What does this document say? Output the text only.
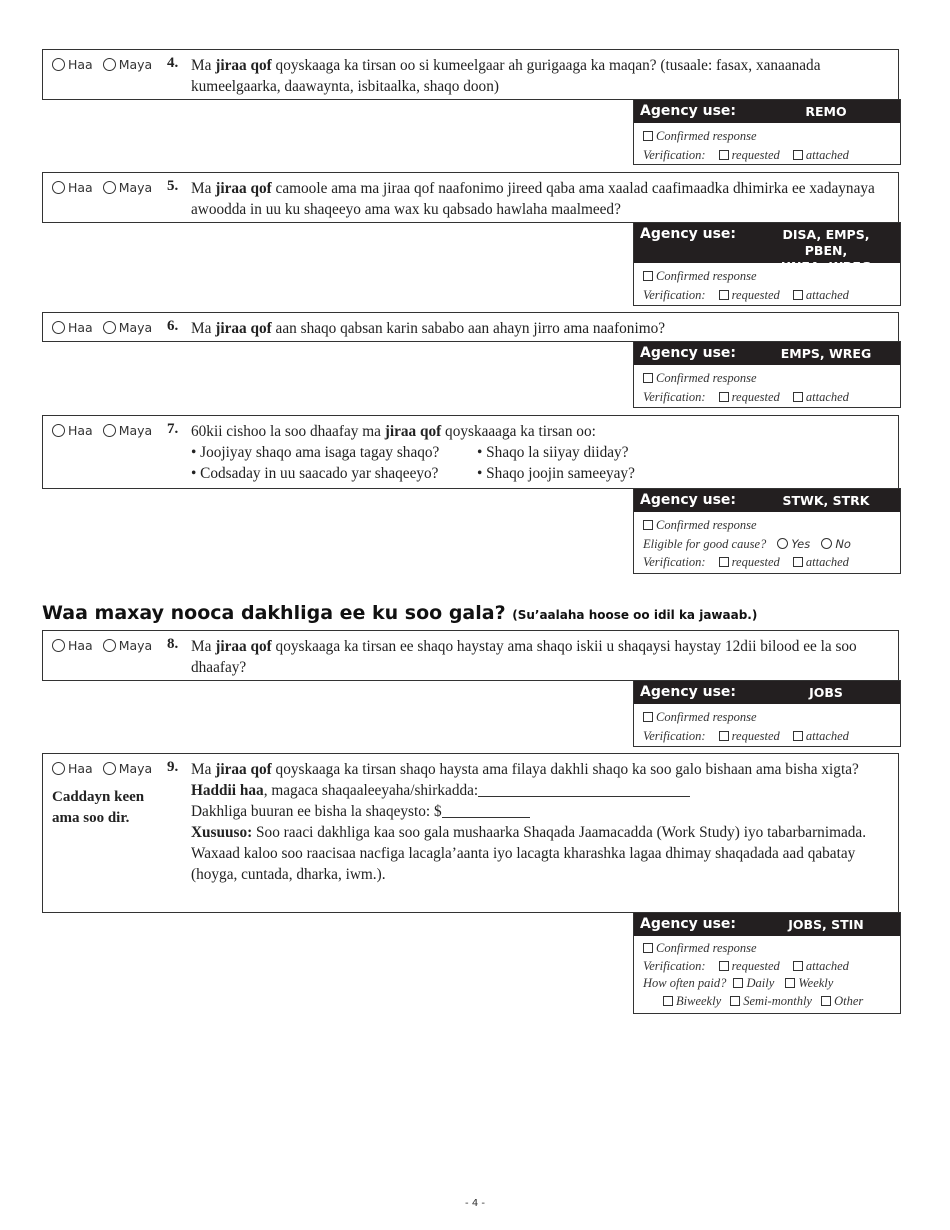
Haa Maya 4. Ma jiraa qof qoyskaaga ka tirsan oo si kumeelgaar ah gurigaaga ka maqan? (tusaale: fasax, xanaanada kumeelgaarka, daawaynta, isbitaalka, shaqo doon)
Agency use:	REMO
Confirmed response
Verification: requested attached
Haa Maya 5. Ma jiraa qof camoole ama ma jiraa qof naafonimo jireed qaba ama xaalad caafimaadka dhimirka ee xadaynaya awoodda in uu ku shaqeeyo ama wax ku qabsado hawlaha maalmeed?
Agency use:	DISA, EMPS, PBEN,
UNEA, WREG
Confirmed response
Verification: requested attached
Haa Maya 6. Ma jiraa qof aan shaqo qabsan karin sababo aan ahayn jirro ama naafonimo?
Agency use:	EMPS, WREG
Confirmed response
Verification: requested attached
Haa Maya 7. 60kii cishoo la soo dhaafay ma jiraa qof qoyskaaaga ka tirsan oo:
• Joojiyay shaqo ama isaga tagay shaqo? • Shaqo la siiyay diiday?
• Codsaday in uu saacado yar shaqeeyo?	• Shaqo joojin sameeyay?
Agency use:	STWK, STRK
Confirmed response
Eligible for good cause? Yes No
Verification: requested attached
Waa maxay nooca dakhliga ee ku soo gala? (Su’aalaha hoose oo idil ka jawaab.)
Haa Maya 8. Ma jiraa qof qoyskaaga ka tirsan ee shaqo haystay ama shaqo iskii u shaqaysi haystay 12dii bilood ee la soo dhaafay?
Agency use:	JOBS
Confirmed response
Verification: requested attached
Haa Maya
Caddayn keen
ama soo dir.
9. Ma jiraa qof qoyskaaga ka tirsan shaqo haysta ama filaya dakhli shaqo ka soo galo bishaan ama bisha xigta?
Haddii haa, magaca shaqaaleeyaha/shirkadda:
Dakhliga buuran ee bisha la shaqeysto: $
Xusuuso: Soo raaci dakhliga kaa soo gala mushaarka Shaqada Jaamacadda (Work Study) iyo tabarbarnimada. Waxaad kaloo soo raacisaa nacfiga lacagla’aanta iyo lacagta kharashka lagaa dhimay shaqadada aad qabatay (hoyga, cuntada, dharka, iwm.).
Agency use:	JOBS, STIN
Confirmed response
Verification: requested attached
How often paid? Daily Weekly
Biweekly Semi-monthly Other
- 4 -
